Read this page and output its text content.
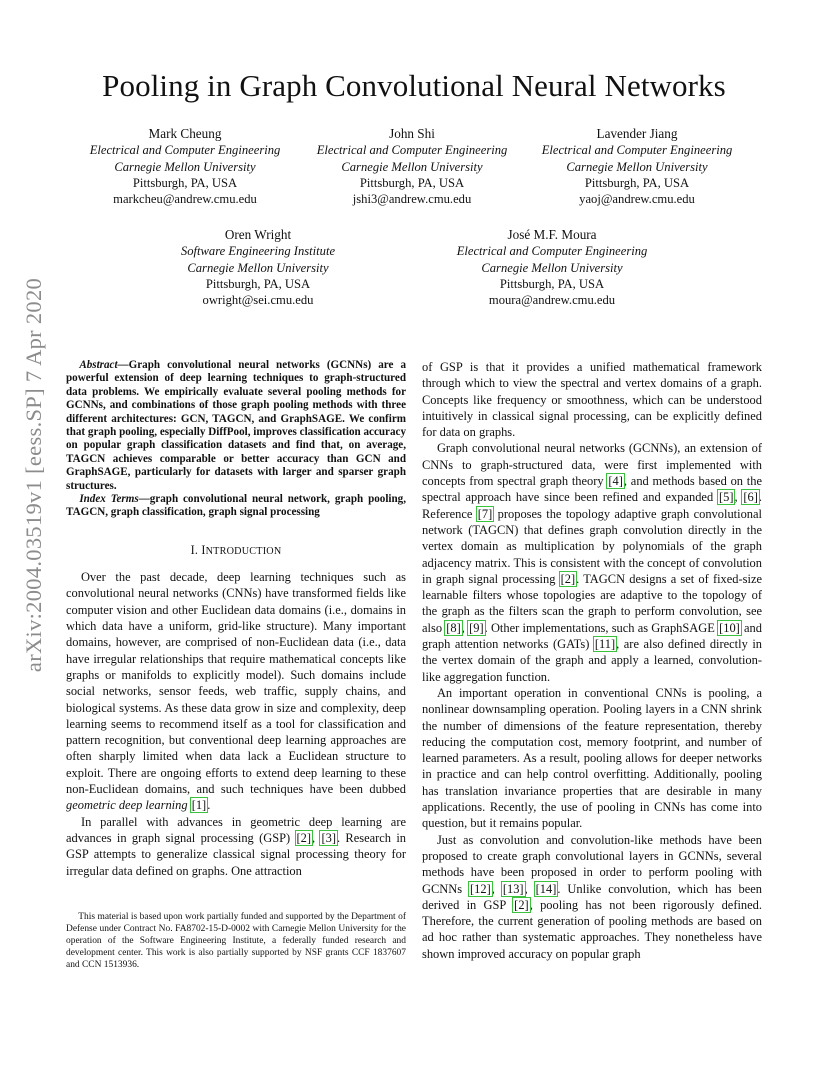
arXiv:2004.03519v1 [eess.SP] 7 Apr 2020
Pooling in Graph Convolutional Neural Networks
Mark Cheung
Electrical and Computer Engineering
Carnegie Mellon University
Pittsburgh, PA, USA
markcheu@andrew.cmu.edu
John Shi
Electrical and Computer Engineering
Carnegie Mellon University
Pittsburgh, PA, USA
jshi3@andrew.cmu.edu
Lavender Jiang
Electrical and Computer Engineering
Carnegie Mellon University
Pittsburgh, PA, USA
yaoj@andrew.cmu.edu
Oren Wright
Software Engineering Institute
Carnegie Mellon University
Pittsburgh, PA, USA
owright@sei.cmu.edu
José M.F. Moura
Electrical and Computer Engineering
Carnegie Mellon University
Pittsburgh, PA, USA
moura@andrew.cmu.edu

Abstract—Graph convolutional neural networks (GCNNs) are a powerful extension of deep learning techniques to graph-structured data problems. We empirically evaluate several pooling methods for GCNNs, and combinations of those graph pooling methods with three different architectures: GCN, TAGCN, and GraphSAGE. We confirm that graph pooling, especially DiffPool, improves classification accuracy on popular graph classification datasets and find that, on average, TAGCN achieves comparable or better accuracy than GCN and GraphSAGE, particularly for datasets with larger and sparser graph structures.

Index Terms—graph convolutional neural network, graph pooling, TAGCN, graph classification, graph signal processing

I. INTRODUCTION

Over the past decade, deep learning techniques such as convolutional neural networks (CNNs) have transformed fields like computer vision and other Euclidean data domains (i.e., domains in which data have a uniform, grid-like structure). Many important domains, however, are comprised of non-Euclidean data (i.e., data have irregular relationships that require mathematical concepts like graphs or manifolds to explicitly model). Such domains include social networks, sensor feeds, web traffic, supply chains, and biological systems. As these data grow in size and complexity, deep learning seems to recommend itself as a tool for classification and pattern recognition, but conventional deep learning approaches are often sharply limited when data lack a Euclidean structure to exploit. There are ongoing efforts to extend deep learning to these non-Euclidean domains, and such techniques have been dubbed geometric deep learning [1].

In parallel with advances in geometric deep learning are advances in graph signal processing (GSP) [2], [3]. Research in GSP attempts to generalize classical signal processing theory for irregular data defined on graphs. One attraction

This material is based upon work partially funded and supported by the Department of Defense under Contract No. FA8702-15-D-0002 with Carnegie Mellon University for the operation of the Software Engineering Institute, a federally funded research and development center. This work is also partially supported by NSF grants CCF 1837607 and CCN 1513936.

of GSP is that it provides a unified mathematical framework through which to view the spectral and vertex domains of a graph. Concepts like frequency or smoothness, which can be understood intuitively in classical signal processing, can be explicitly defined for data on graphs.

Graph convolutional neural networks (GCNNs), an extension of CNNs to graph-structured data, were first implemented with concepts from spectral graph theory [4], and methods based on the spectral approach have since been refined and expanded [5], [6]. Reference [7] proposes the topology adaptive graph convolutional network (TAGCN) that defines graph convolution directly in the vertex domain as multiplication by polynomials of the graph adjacency matrix. This is consistent with the concept of convolution in graph signal processing [2]. TAGCN designs a set of fixed-size learnable filters whose topologies are adaptive to the topology of the graph as the filters scan the graph to perform convolution, see also [8], [9]. Other implementations, such as GraphSAGE [10] and graph attention networks (GATs) [11], are also defined directly in the vertex domain of the graph and apply a learned, convolution-like aggregation function.

An important operation in conventional CNNs is pooling, a nonlinear downsampling operation. Pooling layers in a CNN shrink the number of dimensions of the feature representation, thereby reducing the computation cost, memory footprint, and number of learned parameters. As a result, pooling allows for deeper networks in practice and can help control overfitting. Additionally, pooling has translation invariance properties that are desirable in many applications. Recently, the use of pooling in CNNs has come into question, but it remains popular.

Just as convolution and convolution-like methods have been proposed to create graph convolutional layers in GCNNs, several methods have been proposed in order to perform pooling with GCNNs [12], [13], [14]. Unlike convolution, which has been derived in GSP [2], pooling has not been rigorously defined. Therefore, the current generation of pooling methods are based on ad hoc rather than systematic approaches. They nonetheless have shown improved accuracy on popular graph
